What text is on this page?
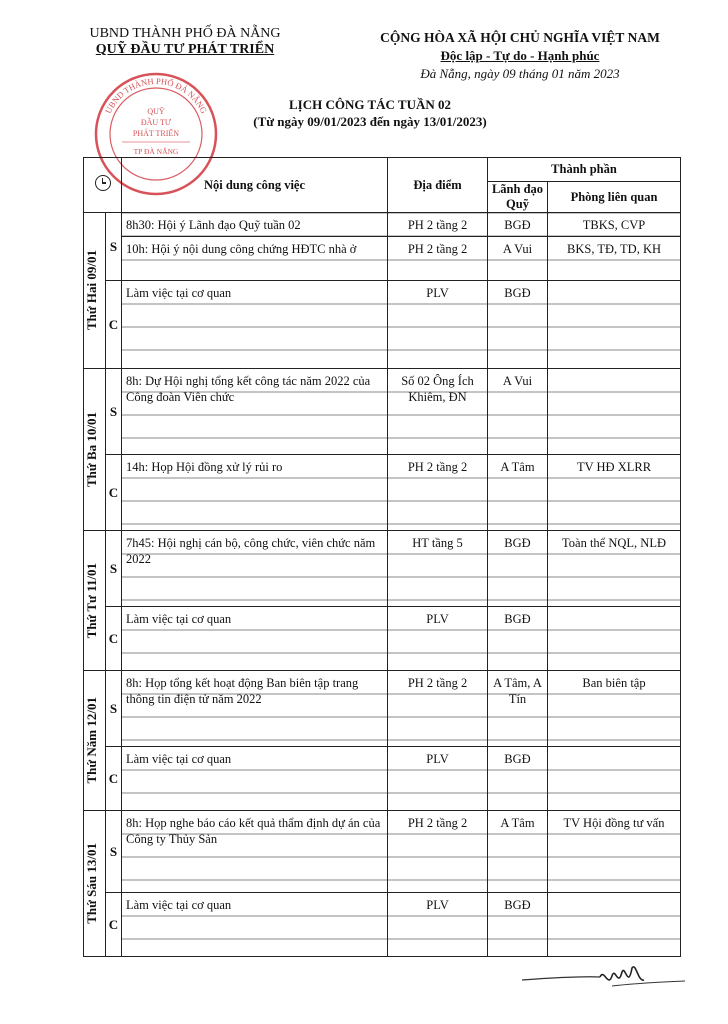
UBND THÀNH PHỐ ĐÀ NẴNG
QUỸ ĐẦU TƯ PHÁT TRIỂN
CỘNG HÒA XÃ HỘI CHỦ NGHĨA VIỆT NAM
Độc lập - Tự do - Hạnh phúc
Đà Nẵng, ngày 09 tháng 01 năm 2023
UBND THÀNH PHỐ ĐÀ NẴNG
QUỸ
ĐẦU TƯ
PHÁT TRIỂN
TP ĐÀ NẴNG
LỊCH CÔNG TÁC TUẦN 02
(Từ ngày 09/01/2023 đến ngày 13/01/2023)
		Nội dung công việc	Địa điểm	Thành phần	
				Lãnh đạo Quỹ	Phòng liên quan

Thứ Hai 09/01	S	8h30: Hội ý Lãnh đạo Quỹ tuần 02	PH 2 tầng 2	BGĐ	TBKS, CVP

		10h: Hội ý nội dung công chứng HĐTC nhà ở	PH 2 tầng 2	A Vui	BKS, TĐ, TD, KH

	C	Làm việc tại cơ quan	PLV	BGĐ	

Thứ Ba 10/01	S	8h: Dự Hội nghị tổng kết công tác năm 2022 của Công đoàn Viên chức	Số 02 Ông Ích Khiêm, ĐN	A Vui	

	C	14h: Họp Hội đồng xử lý rủi ro	PH 2 tầng 2	A Tâm	TV HĐ XLRR

Thứ Tư 11/01	S	7h45: Hội nghị cán bộ, công chức, viên chức năm 2022	HT tầng 5	BGĐ	Toàn thể NQL, NLĐ

	C	Làm việc tại cơ quan	PLV	BGĐ	

Thứ Năm 12/01	S	8h: Họp tổng kết hoạt động Ban biên tập trang thông tin điện tử năm 2022	PH 2 tầng 2	A Tâm, A Tín	Ban biên tập

	C	Làm việc tại cơ quan	PLV	BGĐ	

Thứ Sáu 13/01	S	8h: Họp nghe báo cáo kết quả thẩm định dự án của Công ty Thủy Sản	PH 2 tầng 2	A Tâm	TV Hội đồng tư vấn

	C	Làm việc tại cơ quan	PLV	BGĐ	
